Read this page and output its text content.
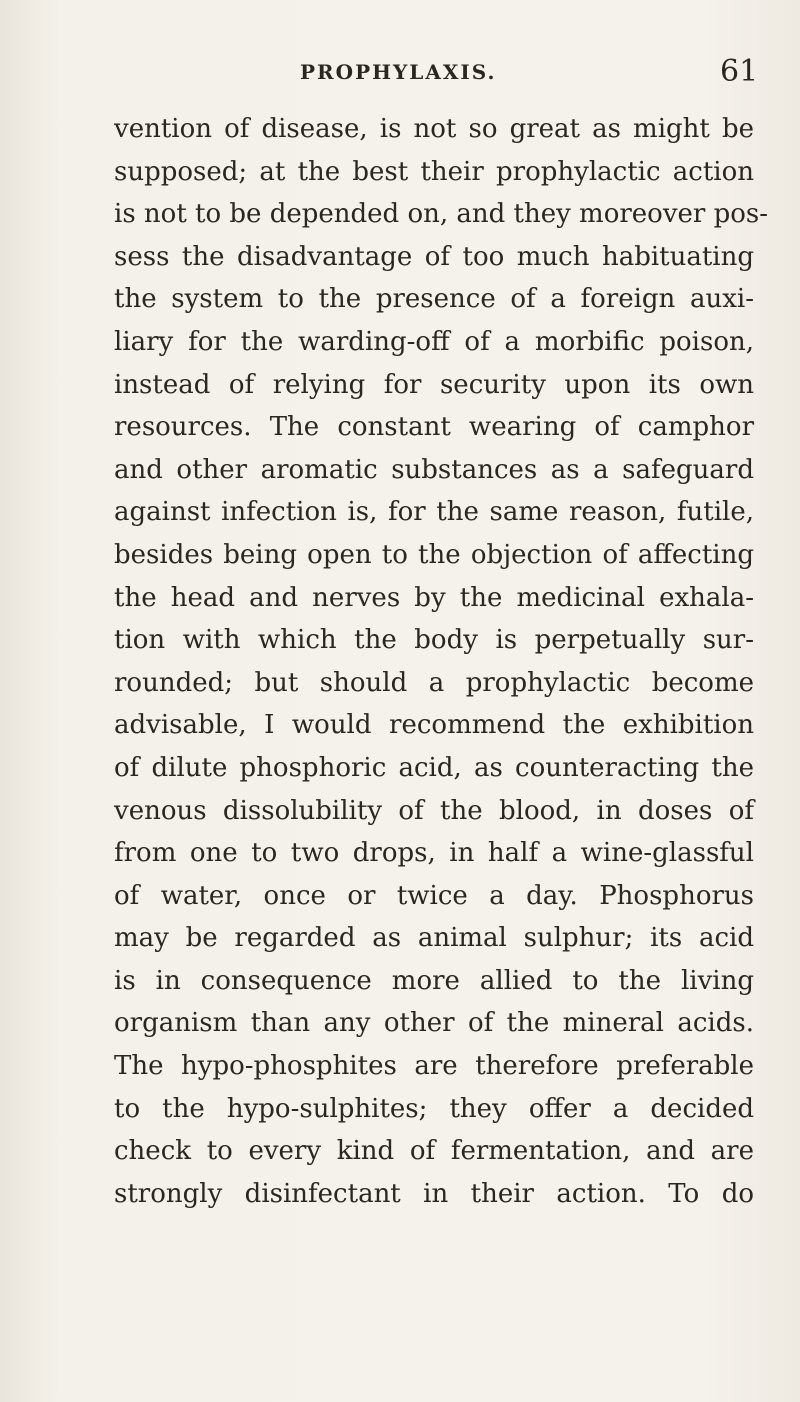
PROPHYLAXIS.	61
vention of disease, is not so great as might be
supposed; at the best their prophylactic action
is not to be depended on, and they moreover pos-
sess the disadvantage of too much habituating
the system to the presence of a foreign auxi-
liary for the warding-off of a morbific poison,
instead of relying for security upon its own
resources. The constant wearing of camphor
and other aromatic substances as a safeguard
against infection is, for the same reason, futile,
besides being open to the objection of affecting
the head and nerves by the medicinal exhala-
tion with which the body is perpetually sur-
rounded; but should a prophylactic become
advisable, I would recommend the exhibition
of dilute phosphoric acid, as counteracting the
venous dissolubility of the blood, in doses of
from one to two drops, in half a wine-glassful
of water, once or twice a day. Phosphorus
may be regarded as animal sulphur; its acid
is in consequence more allied to the living
organism than any other of the mineral acids.
The hypo-phosphites are therefore preferable
to the hypo-sulphites; they offer a decided
check to every kind of fermentation, and are
strongly disinfectant in their action. To do
